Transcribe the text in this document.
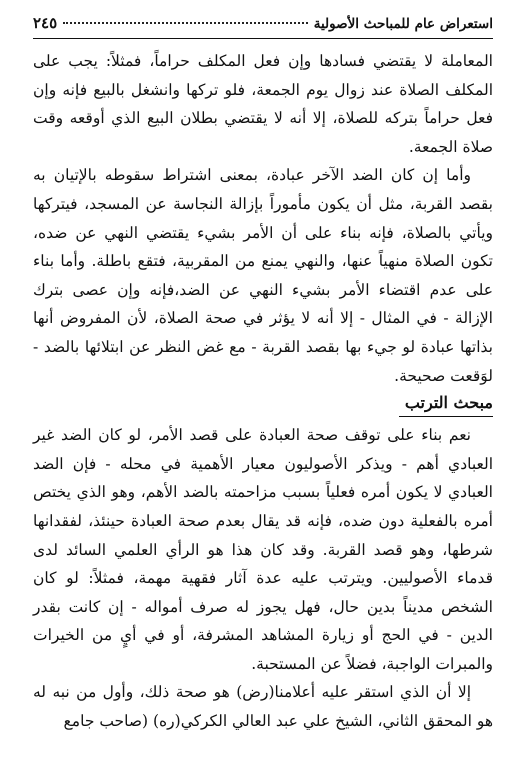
استعراض عام للمباحث الأصولية
٢٤٥

المعاملة لا يقتضي فسادها وإن فعل المكلف حراماً، فمثلاً: يجب على المكلف الصلاة عند زوال يوم الجمعة، فلو تركها وانشغل بالبيع فإنه وإن فعل حراماً بتركه للصلاة، إلا أنه لا يقتضي بطلان البيع الذي أوقعه وقت صلاة الجمعة.

وأما إن كان الضد الآخر عبادة، بمعنى اشتراط سقوطه بالإتيان به بقصد القربة، مثل أن يكون مأموراً بإزالة النجاسة عن المسجد، فيتركها ويأتي بالصلاة، فإنه بناء على أن الأمر بشيء يقتضي النهي عن ضده، تكون الصلاة منهياً عنها، والنهي يمنع من المقربية، فتقع باطلة. وأما بناء على عدم اقتضاء الأمر بشيء النهي عن الضد،فإنه وإن عصى بترك الإزالة - في المثال - إلا أنه لا يؤثر في صحة الصلاة، لأن المفروض أنها بذاتها عبادة لو جيء بها بقصد القربة - مع غض النظر عن ابتلائها بالضد - لوَقعت صحيحة.

مبحث الترتب

نعم بناء على توقف صحة العبادة على قصد الأمر، لو كان الضد غير العبادي أهم - ويذكر الأصوليون معيار الأهمية في محله - فإن الضد العبادي لا يكون أمره فعلياً بسبب مزاحمته بالضد الأهم، وهو الذي يختص أمره بالفعلية دون ضده، فإنه قد يقال بعدم صحة العبادة حينئذ، لفقدانها شرطها، وهو قصد القربة. وقد كان هذا هو الرأي العلمي السائد لدى قدماء الأصوليين. ويترتب عليه عدة آثار فقهية مهمة، فمثلاً: لو كان الشخص مديناً بدين حال، فهل يجوز له صرف أمواله - إن كانت بقدر الدين - في الحج أو زيارة المشاهد المشرفة، أو في أيٍ من الخيرات والمبرات الواجبة، فضلاً عن المستحبة.

إلا أن الذي استقر عليه أعلامنا(رض) هو صحة ذلك، وأول من نبه له هو المحقق الثاني، الشيخ علي عبد العالي الكركي(ره) (صاحب جامع
